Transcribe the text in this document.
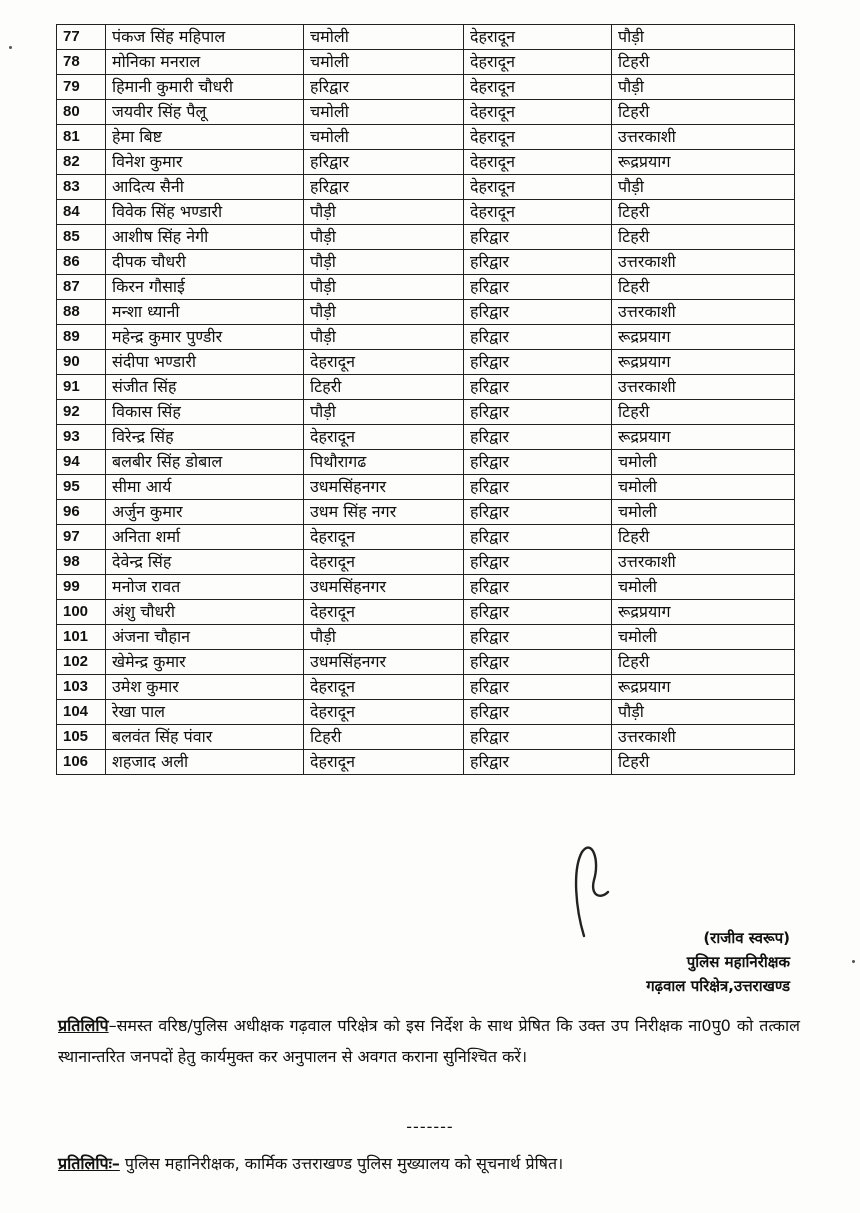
77	पंकज सिंह महिपाल	चमोली	देहरादून	पौड़ी
78	मोनिका मनराल	चमोली	देहरादून	टिहरी
79	हिमानी कुमारी चौधरी	हरिद्वार	देहरादून	पौड़ी
80	जयवीर सिंह पैलू	चमोली	देहरादून	टिहरी
81	हेमा बिष्ट	चमोली	देहरादून	उत्तरकाशी
82	विनेश कुमार	हरिद्वार	देहरादून	रूद्रप्रयाग
83	आदित्य सैनी	हरिद्वार	देहरादून	पौड़ी
84	विवेक सिंह भण्डारी	पौड़ी	देहरादून	टिहरी
85	आशीष सिंह नेगी	पौड़ी	हरिद्वार	टिहरी
86	दीपक चौधरी	पौड़ी	हरिद्वार	उत्तरकाशी
87	किरन गौसाई	पौड़ी	हरिद्वार	टिहरी
88	मन्शा ध्यानी	पौड़ी	हरिद्वार	उत्तरकाशी
89	महेन्द्र कुमार पुण्डीर	पौड़ी	हरिद्वार	रूद्रप्रयाग
90	संदीपा भण्डारी	देहरादून	हरिद्वार	रूद्रप्रयाग
91	संजीत सिंह	टिहरी	हरिद्वार	उत्तरकाशी
92	विकास सिंह	पौड़ी	हरिद्वार	टिहरी
93	विरेन्द्र सिंह	देहरादून	हरिद्वार	रूद्रप्रयाग
94	बलबीर सिंह डोबाल	पिथौरागढ	हरिद्वार	चमोली
95	सीमा आर्य	उधमसिंहनगर	हरिद्वार	चमोली
96	अर्जुन कुमार	उधम सिंह नगर	हरिद्वार	चमोली
97	अनिता शर्मा	देहरादून	हरिद्वार	टिहरी
98	देवेन्द्र सिंह	देहरादून	हरिद्वार	उत्तरकाशी
99	मनोज रावत	उधमसिंहनगर	हरिद्वार	चमोली
100	अंशु चौधरी	देहरादून	हरिद्वार	रूद्रप्रयाग
101	अंजना चौहान	पौड़ी	हरिद्वार	चमोली
102	खेमेन्द्र कुमार	उधमसिंहनगर	हरिद्वार	टिहरी
103	उमेश कुमार	देहरादून	हरिद्वार	रूद्रप्रयाग
104	रेखा पाल	देहरादून	हरिद्वार	पौड़ी
105	बलवंत सिंह पंवार	टिहरी	हरिद्वार	उत्तरकाशी
106	शहजाद अली	देहरादून	हरिद्वार	टिहरी
(राजीव स्वरूप)
पुलिस महानिरीक्षक
गढ़वाल परिक्षेत्र,उत्तराखण्ड

प्रतिलिपि–समस्त वरिष्ठ/पुलिस अधीक्षक गढ़वाल परिक्षेत्र को इस निर्देश के साथ प्रेषित कि उक्त उप निरीक्षक ना0पु0 को तत्काल स्थानान्तरित जनपदों हेतु कार्यमुक्त कर अनुपालन से अवगत कराना सुनिश्चित करें।

-------

प्रतिलिपिः– पुलिस महानिरीक्षक, कार्मिक उत्तराखण्ड पुलिस मुख्यालय को सूचनार्थ प्रेषित।
